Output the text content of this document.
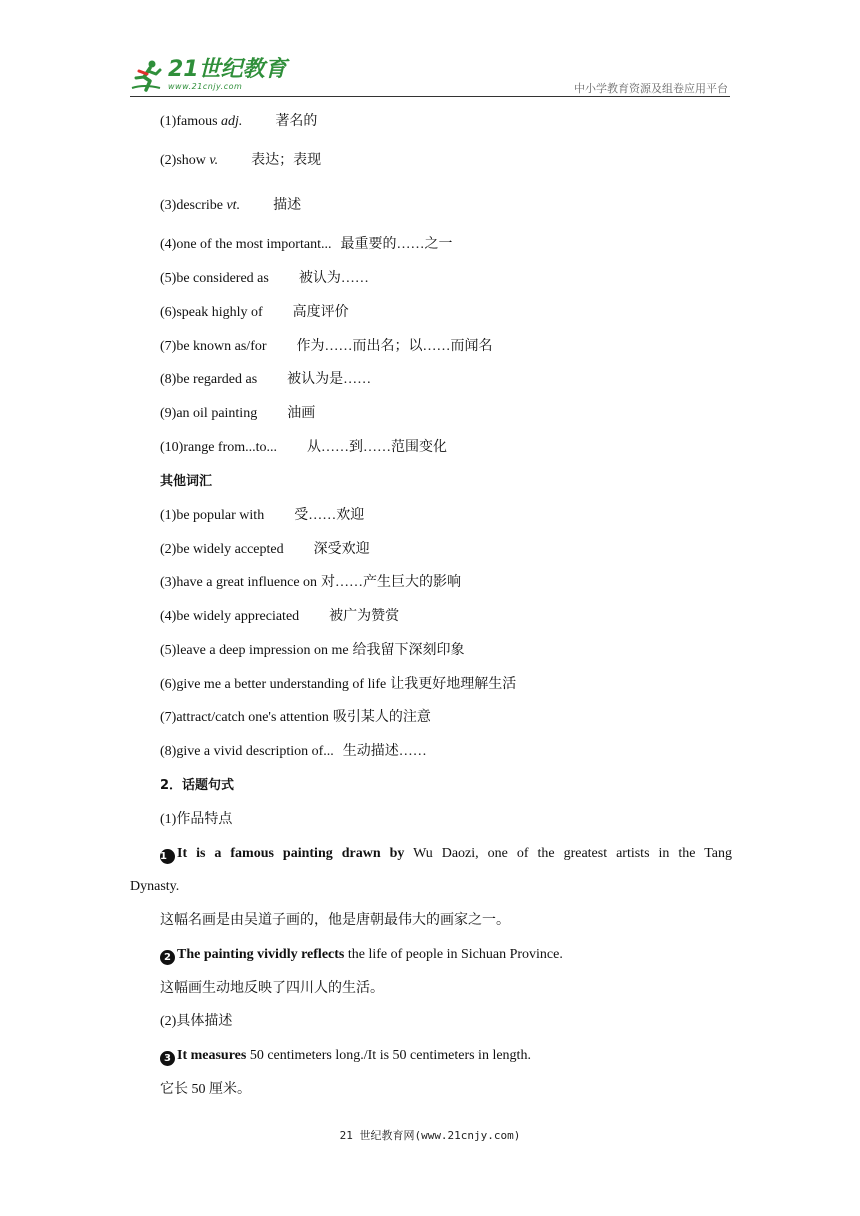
21世纪教育
www.21cnjy.com	中小学教育资源及组卷应用平台
(1)famous adj. 著名的
(2)show v. 表达；表现
(3)describe vt. 描述
(4)one of the most important... 最重要的……之一
(5)be considered as 被认为……
(6)speak highly of 高度评价
(7)be known as/for 作为……而出名；以……而闻名
(8)be regarded as 被认为是……
(9)an oil painting 油画
(10)range from...to... 从……到……范围变化
其他词汇
(1)be popular with 受……欢迎
(2)be widely accepted 深受欢迎
(3)have a great influence on 对……产生巨大的影响
(4)be widely appreciated 被广为赞赏
(5)leave a deep impression on me 给我留下深刻印象
(6)give me a better understanding of life 让我更好地理解生活
(7)attract/catch one's attention 吸引某人的注意
(8)give a vivid description of... 生动描述……
2．话题句式
(1)作品特点
1 It is a famous painting drawn by Wu Daozi, one of the greatest artists in the Tang
Dynasty.
这幅名画是由吴道子画的，他是唐朝最伟大的画家之一。
2 The painting vividly reflects the life of people in Sichuan Province.
这幅画生动地反映了四川人的生活。
(2)具体描述
3 It measures 50 centimeters long./It is 50 centimeters in length.
它长 50 厘米。
21 世纪教育网(www.21cnjy.com)
